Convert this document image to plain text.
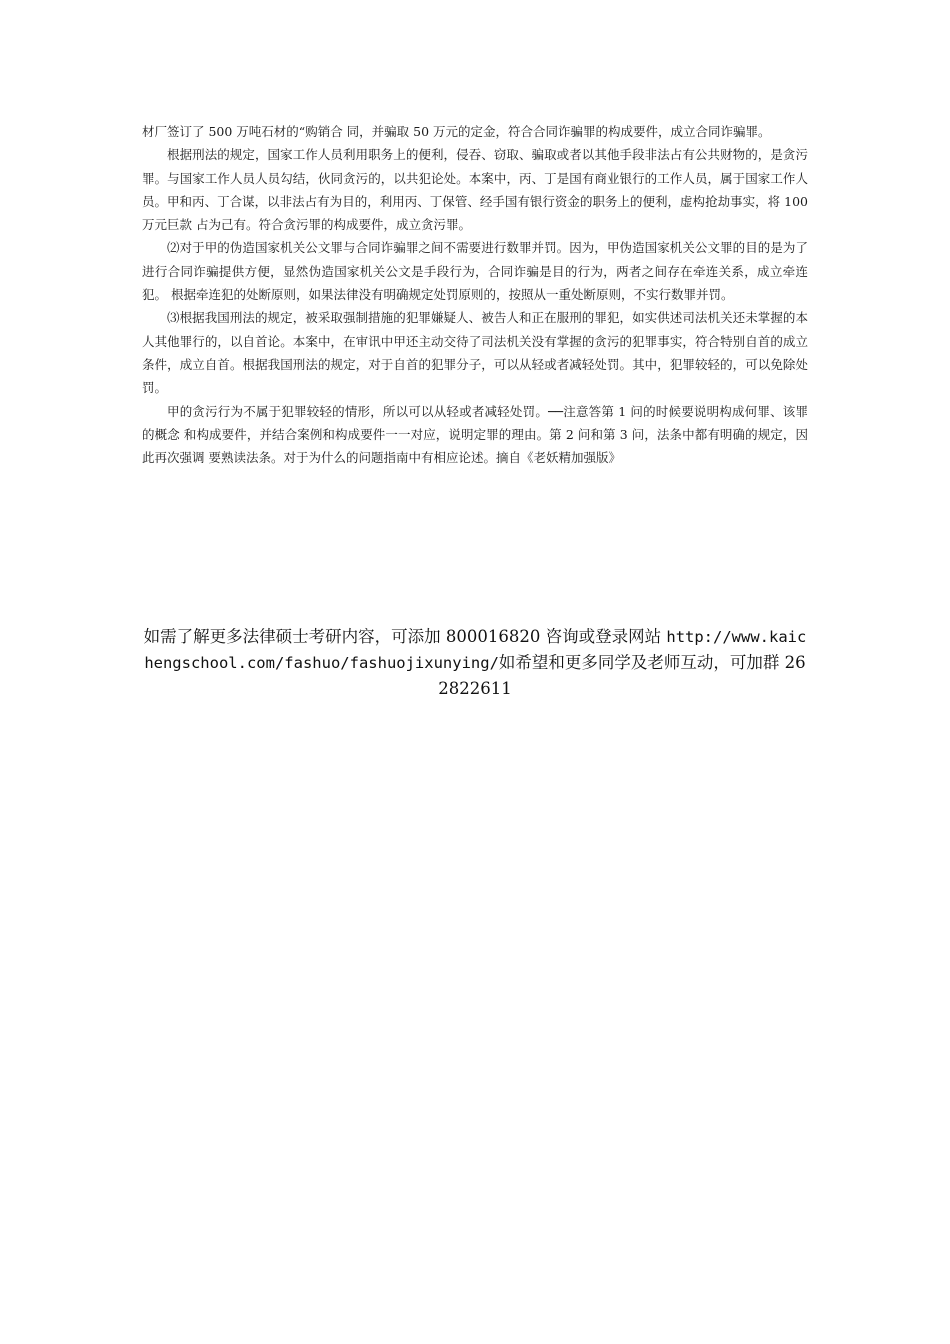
材厂签订了 500 万吨石材的“购销合 同，并骗取 50 万元的定金，符合合同诈骗罪的构成要件，成立合同诈骗罪。

根据刑法的规定，国家工作人员利用职务上的便利，侵吞、窃取、骗取或者以其他手段非法占有公共财物的，是贪污罪。与国家工作人员人员勾结，伙同贪污的，以共犯论处。本案中，丙、丁是国有商业银行的工作人员，属于国家工作人员。甲和丙、丁合谋，以非法占有为目的，利用丙、丁保管、经手国有银行资金的职务上的便利，虚构抢劫事实，将 100 万元巨款 占为己有。符合贪污罪的构成要件，成立贪污罪。

⑵对于甲的伪造国家机关公文罪与合同诈骗罪之间不需要进行数罪并罚。因为，甲伪造国家机关公文罪的目的是为了 进行合同诈骗提供方便，显然伪造国家机关公文是手段行为，合同诈骗是目的行为，两者之间存在牵连关系，成立牵连犯。 根据牵连犯的处断原则，如果法律没有明确规定处罚原则的，按照从一重处断原则，不实行数罪并罚。

⑶根据我国刑法的规定，被采取强制措施的犯罪嫌疑人、被告人和正在服刑的罪犯，如实供述司法机关还未掌握的本 人其他罪行的，以自首论。本案中，在审讯中甲还主动交待了司法机关没有掌握的贪污的犯罪事实，符合特别自首的成立条件，成立自首。根据我国刑法的规定，对于自首的犯罪分子，可以从轻或者减轻处罚。其中，犯罪较轻的，可以免除处罚。

甲的贪污行为不属于犯罪较轻的情形，所以可以从轻或者减轻处罚。──注意答第 1 问的时候要说明构成何罪、该罪的概念 和构成要件，并结合案例和构成要件一一对应，说明定罪的理由。第 2 问和第 3 问，法条中都有明确的规定，因此再次强调 要熟读法条。对于为什么的问题指南中有相应论述。摘自《老妖精加强版》

如需了解更多法律硕士考研内容，可添加 800016820 咨询或登录网站 http://www.kaichengschool.com/fashuo/fashuojixunying/如希望和更多同学及老师互动，可加群 262822611
